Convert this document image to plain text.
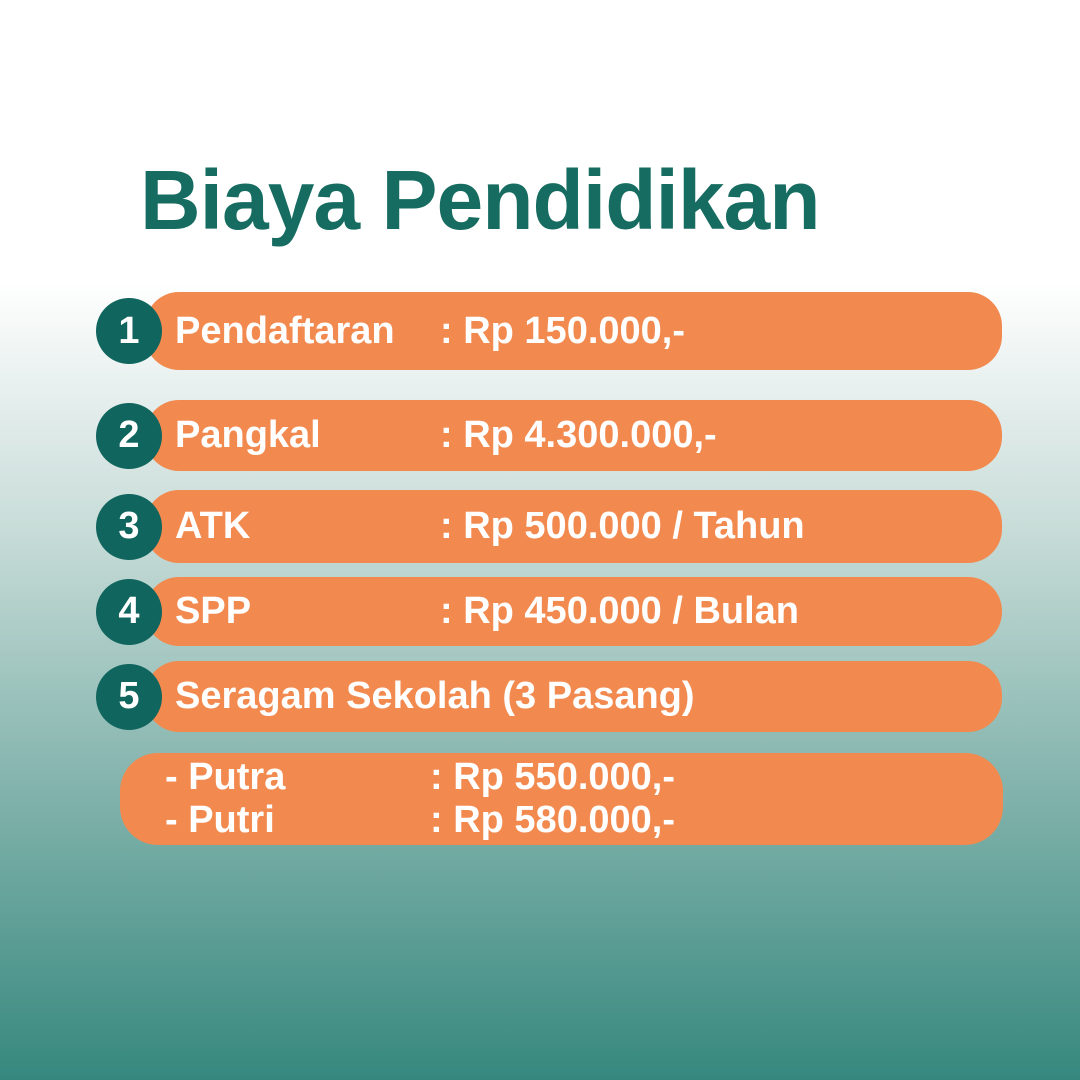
Biaya Pendidikan
1 Pendaftaran	: Rp 150.000,-
2 Pangkal	: Rp 4.300.000,-
3 ATK	: Rp 500.000 / Tahun
4 SPP	: Rp 450.000 / Bulan
5 Seragam Sekolah (3 Pasang)
- Putra	: Rp 550.000,-
- Putri	: Rp 580.000,-
